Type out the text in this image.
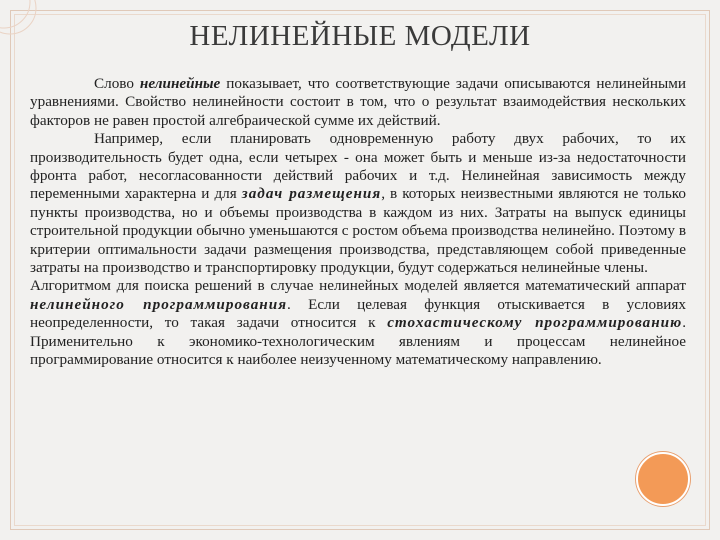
НЕЛИНЕЙНЫЕ МОДЕЛИ

Слово нелинейные показывает, что соответствующие задачи описываются нелинейными уравнениями. Свойство нелинейности состоит в том, что о результат взаимодействия нескольких факторов не равен простой алгебраической сумме их действий.

Например, если планировать одновременную работу двух рабочих, то их производительность будет одна, если четырех - она может быть и меньше из-за недостаточности фронта работ, несогласованности действий рабочих и т.д. Нелинейная зависимость между переменными характерна и для задач размещения, в которых неизвестными являются не только пункты производства, но и объемы производства в каждом из них. Затраты на выпуск единицы строительной продукции обычно уменьшаются с ростом объема производства нелинейно. Поэтому в критерии оптимальности задачи размещения производства, представляющем собой приведенные затраты на производство и транспортировку продукции, будут содержаться нелинейные члены.

Алгоритмом для поиска решений в случае нелинейных моделей является математический аппарат нелинейного программирования. Если целевая функция отыскивается в условиях неопределенности, то такая задачи относится к стохастическому программированию. Применительно к экономико-технологическим явлениям и процессам нелинейное программирование относится к наиболее неизученному математическому направлению.
